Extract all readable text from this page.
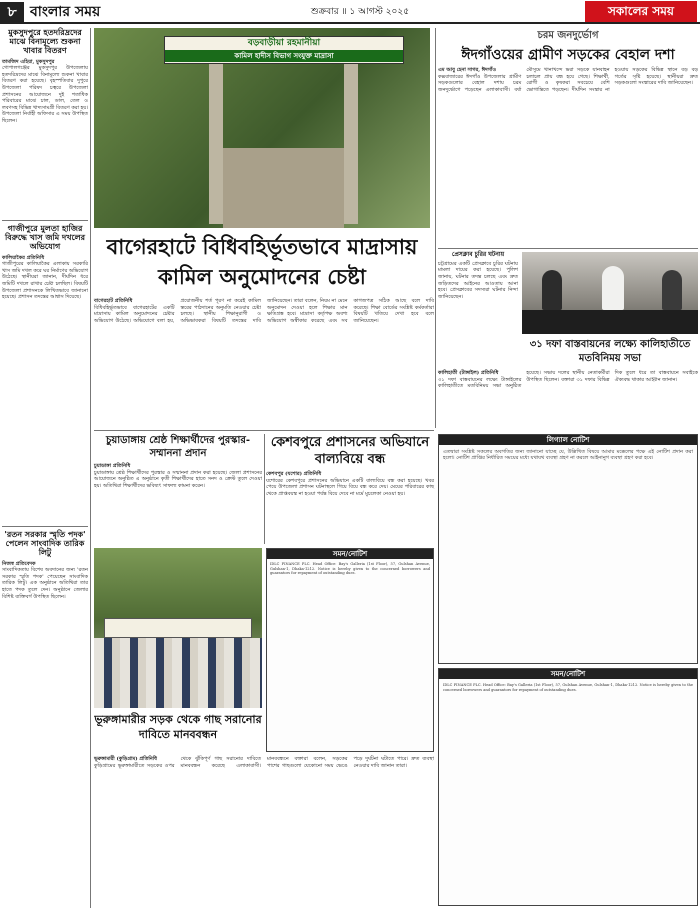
৮ বাংলার সময়	শুক্রবার ॥ ১ আগস্ট ২০২৫	সকালের সময়
মুকসুদপুরে হতদরিদ্রদের মাঝে বিনামূল্যে শুকনা খাবার বিতরণ
তামজিদ এহিয়া, মুকসুদপুর
গোপালগঞ্জের মুকসুদপুর উপজেলায় হতদরিদ্রদের মাঝে বিনামূল্যে শুকনা খাবার বিতরণ করা হয়েছে। বৃহস্পতিবার দুপুরে উপজেলা পরিষদ চত্বরে উপজেলা প্রশাসনের আয়োজনে দুই শতাধিক পরিবারের মাঝে চাল, ডাল, তেল ও লবণসহ বিভিন্ন খাদ্যসামগ্রী বিতরণ করা হয়। উপজেলা নির্বাহী অফিসার এ সময় উপস্থিত ছিলেন।
গাজীপুরে মুলতা হাজির বিরুদ্ধে খাস জমি দখলের অভিযোগ
কালিয়াকৈর প্রতিনিধি
গাজীপুরের কালিয়াকৈর এলাকায় সরকারি খাস জমি দখল করে ঘর নির্মাণের অভিযোগ উঠেছে। স্থানীয়রা জানান, দীর্ঘদিন ধরে জমিটি দখলে রাখার চেষ্টা চলছিল। বিষয়টি উপজেলা প্রশাসনকে লিখিতভাবে জানানো হয়েছে। প্রশাসন তদন্তের আশ্বাস দিয়েছে।
'রতন সরকার স্মৃতি পদক' পেলেন সাংবাদিক তারিক লিটু
নিজস্ব প্রতিবেদক
সাংবাদিকতায় বিশেষ অবদানের জন্য 'রতন সরকার স্মৃতি পদক' পেয়েছেন সাংবাদিক তারিক লিটু। এক অনুষ্ঠানে অতিথিরা তার হাতে পদক তুলে দেন। অনুষ্ঠানে জেলার বিশিষ্ট ব্যক্তিবর্গ উপস্থিত ছিলেন।
বড়বাড়ীয়া রহমানীয়া
কামিল হাদীস বিভাগ সংযুক্ত মাদ্রাসা
বাগেরহাটে বিধিবহির্ভূতভাবে মাদ্রাসায় কামিল অনুমোদনের চেষ্টা
বাগেরহাট প্রতিনিধি
বিধিবহির্ভূতভাবে বাগেরহাটের একটি মাদ্রাসায় কামিল অনুমোদনের চেষ্টার অভিযোগ উঠেছে। অভিযোগে বলা হয়, প্রয়োজনীয় শর্ত পূরণ না করেই কামিল স্তরের পাঠদানের অনুমতি নেওয়ার চেষ্টা চলছে। স্থানীয় শিক্ষানুরাগী ও অভিভাবকরা বিষয়টি তদন্তের দাবি জানিয়েছেন। তারা বলেন, নিয়ম না মেনে অনুমোদন দেওয়া হলে শিক্ষার মান ক্ষতিগ্রস্ত হবে। মাদ্রাসা কর্তৃপক্ষ অবশ্য অভিযোগ অস্বীকার করেছে এবং সব কাগজপত্র সঠিক আছে বলে দাবি করেছে। শিক্ষা বোর্ডের সংশ্লিষ্ট কর্মকর্তারা বিষয়টি খতিয়ে দেখা হবে বলে জানিয়েছেন।
চরম জনদুর্ভোগ
ঈদগাঁওয়ের গ্রামীণ সড়কের বেহাল দশা
এম আবু হেনা সাগর, ঈদগাঁও
কক্সবাজারের ঈদগাঁও উপজেলার গ্রামীণ সড়কগুলোর বেহাল দশায় চরম জনদুর্ভোগে পড়েছেন এলাকাবাসী। বর্ষা মৌসুমে খানাখন্দে ভরা সড়কে যানবাহন চলাচল প্রায় বন্ধ হয়ে গেছে। শিক্ষার্থী, রোগী ও কৃষকরা সবচেয়ে বেশি ভোগান্তিতে পড়ছেন। দীর্ঘদিন সংস্কার না হওয়ায় সড়কের বিভিন্ন স্থানে বড় বড় গর্তের সৃষ্টি হয়েছে। স্থানীয়রা দ্রুত সড়কগুলো সংস্কারের দাবি জানিয়েছেন।
প্রেসক্লাব চুরির ঘটনায়
চট্টগ্রামের একটি প্রেসক্লাবে চুরির ঘটনায় মামলা দায়ের করা হয়েছে। পুলিশ জানায়, ঘটনার তদন্ত চলছে এবং দ্রুত জড়িতদের আইনের আওতায় আনা হবে। প্রেসক্লাবের সদস্যরা ঘটনার নিন্দা জানিয়েছেন।
৩১ দফা বাস্তবায়নের লক্ষ্যে কালিহাতীতে মতবিনিময় সভা
কালিহাতী (টাঙ্গাইল) প্রতিনিধি
৩১ দফা বাস্তবায়নের লক্ষ্যে টাঙ্গাইলের কালিহাতীতে মতবিনিময় সভা অনুষ্ঠিত হয়েছে। সভায় দলের স্থানীয় নেতাকর্মীরা উপস্থিত ছিলেন। বক্তারা ৩১ দফার বিভিন্ন দিক তুলে ধরে তা বাস্তবায়নে সবাইকে ঐক্যবদ্ধ থাকার আহ্বান জানান।
চুয়াডাঙ্গায় শ্রেষ্ঠ শিক্ষার্থীদের পুরস্কার-সম্মাননা প্রদান
চুয়াডাঙ্গা প্রতিনিধি
চুয়াডাঙ্গায় শ্রেষ্ঠ শিক্ষার্থীদের পুরস্কার ও সম্মাননা প্রদান করা হয়েছে। জেলা প্রশাসনের আয়োজনে অনুষ্ঠিত এ অনুষ্ঠানে কৃতী শিক্ষার্থীদের হাতে সনদ ও ক্রেস্ট তুলে দেওয়া হয়। অতিথিরা শিক্ষার্থীদের ভবিষ্যৎ সাফল্য কামনা করেন।
কেশবপুরে প্রশাসনের অভিযানে বাল্যবিয়ে বন্ধ
কেশবপুর (যশোর) প্রতিনিধি
যশোরের কেশবপুরে প্রশাসনের অভিযানে একটি বাল্যবিয়ে বন্ধ করা হয়েছে। খবর পেয়ে উপজেলা প্রশাসন ঘটনাস্থলে গিয়ে বিয়ে বন্ধ করে দেয়। মেয়ের পরিবারের কাছ থেকে প্রাপ্তবয়স্ক না হওয়া পর্যন্ত বিয়ে দেবে না মর্মে মুচলেকা নেওয়া হয়।
ভূরুঙ্গামারীর সড়ক থেকে গাছ সরানোর দাবিতে মানববন্ধন
ভূরুঙ্গামারী (কুড়িগ্রাম) প্রতিনিধি
কুড়িগ্রামের ভূরুঙ্গামারীতে সড়কের ওপর থেকে ঝুঁকিপূর্ণ গাছ সরানোর দাবিতে মানববন্ধন করেছে এলাকাবাসী। মানববন্ধনে বক্তারা বলেন, সড়কের পাশের গাছগুলো যেকোনো সময় ভেঙে পড়ে দুর্ঘটনা ঘটাতে পারে। দ্রুত ব্যবস্থা নেওয়ার দাবি জানান তারা।
সমন/নোটিশ
IDLC FINANCE PLC. Head Office: Bay's Galleria (1st Floor), 57, Gulshan Avenue, Gulshan-1, Dhaka-1212. Notice is hereby given to the concerned borrowers and guarantors for repayment of outstanding dues.
লিগ্যাল নোটিশ
এতদ্বারা সংশ্লিষ্ট সকলের অবগতির জন্য জানানো যাচ্ছে যে, উল্লিখিত বিষয়ে আমার মক্কেলের পক্ষে এই নোটিশ প্রদান করা হলো। নোটিশ প্রাপ্তির নির্ধারিত সময়ের মধ্যে যথাযথ ব্যবস্থা গ্রহণ না করলে আইনানুগ ব্যবস্থা গ্রহণ করা হবে।
সমন/নোটিশ
IDLC FINANCE PLC. Head Office: Bay's Galleria (1st Floor), 57, Gulshan Avenue, Gulshan-1, Dhaka-1212. Notice is hereby given to the concerned borrowers and guarantors for repayment of outstanding dues.
